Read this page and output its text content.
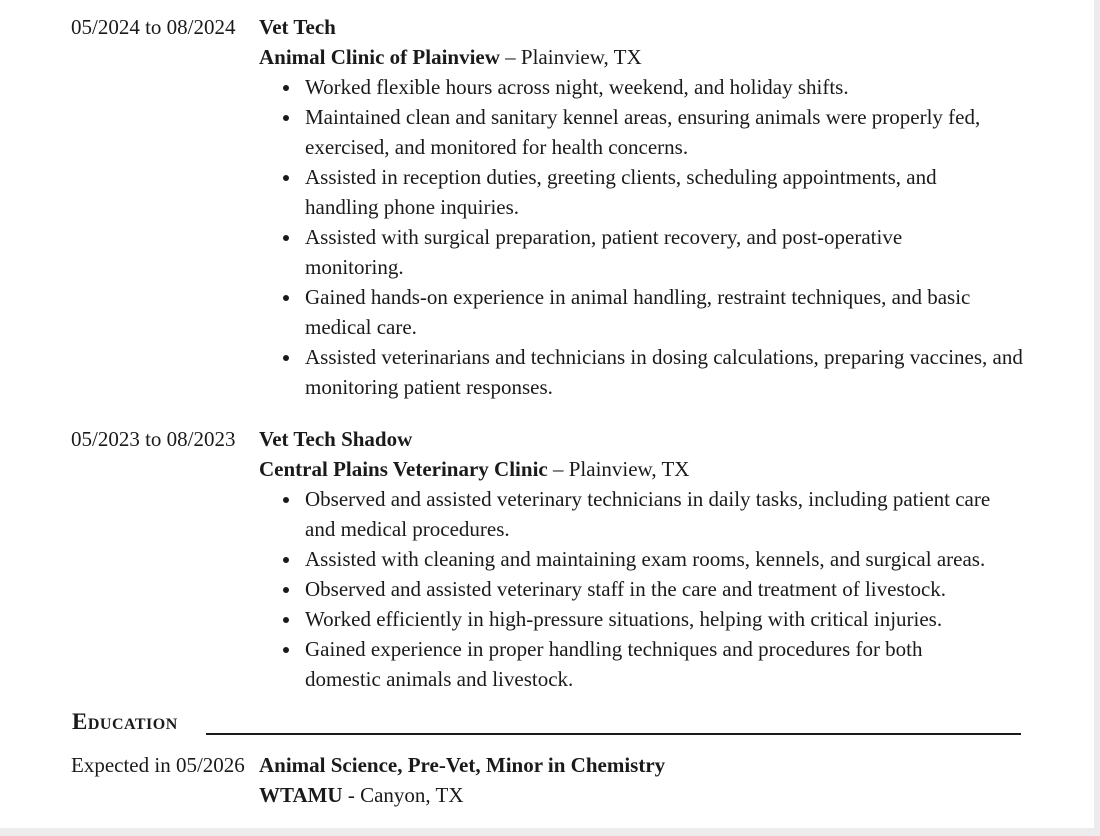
05/2024 to 08/2024 Vet Tech
Animal Clinic of Plainview – Plainview, TX
Worked flexible hours across night, weekend, and holiday shifts.
Maintained clean and sanitary kennel areas, ensuring animals were properly fed, exercised, and monitored for health concerns.
Assisted in reception duties, greeting clients, scheduling appointments, and handling phone inquiries.
Assisted with surgical preparation, patient recovery, and post-operative monitoring.
Gained hands-on experience in animal handling, restraint techniques, and basic medical care.
Assisted veterinarians and technicians in dosing calculations, preparing vaccines, and monitoring patient responses.
05/2023 to 08/2023 Vet Tech Shadow
Central Plains Veterinary Clinic – Plainview, TX
Observed and assisted veterinary technicians in daily tasks, including patient care and medical procedures.
Assisted with cleaning and maintaining exam rooms, kennels, and surgical areas.
Observed and assisted veterinary staff in the care and treatment of livestock.
Worked efficiently in high-pressure situations, helping with critical injuries.
Gained experience in proper handling techniques and procedures for both domestic animals and livestock.
Education
Expected in 05/2026 Animal Science, Pre-Vet, Minor in Chemistry
WTAMU - Canyon, TX
